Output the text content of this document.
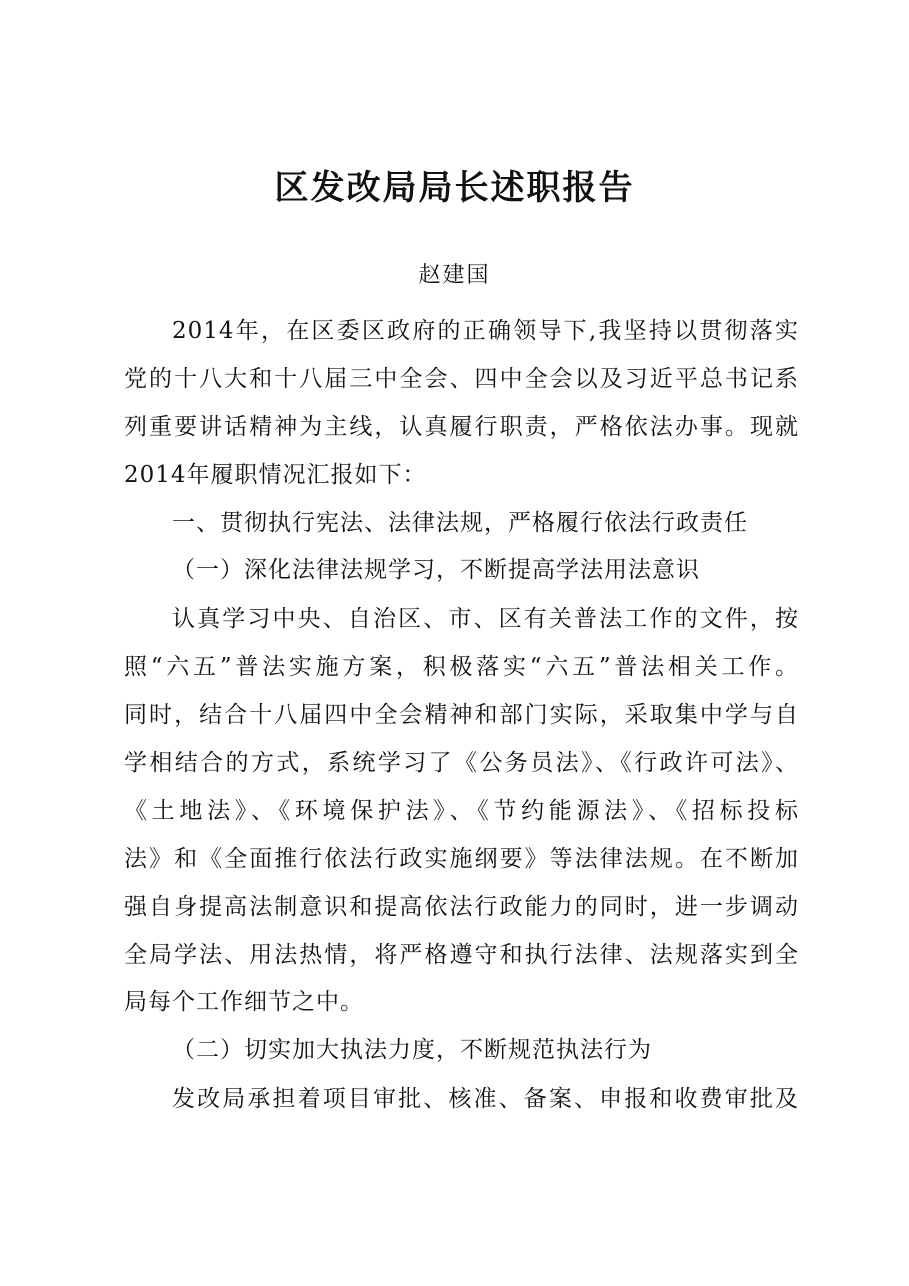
区发改局局长述职报告
赵建国
2014年，在区委区政府的正确领导下,我坚持以贯彻落实
党的十八大和十八届三中全会、四中全会以及习近平总书记系
列重要讲话精神为主线，认真履行职责，严格依法办事。现就
2014年履职情况汇报如下：
一、贯彻执行宪法、法律法规，严格履行依法行政责任
（一）深化法律法规学习，不断提高学法用法意识
认真学习中央、自治区、市、区有关普法工作的文件，按
照“六五”普法实施方案，积极落实“六五”普法相关工作。
同时，结合十八届四中全会精神和部门实际，采取集中学与自
学相结合的方式，系统学习了《公务员法》、《行政许可法》、
《土地法》、《环境保护法》、《节约能源法》、《招标投标
法》和《全面推行依法行政实施纲要》等法律法规。在不断加
强自身提高法制意识和提高依法行政能力的同时，进一步调动
全局学法、用法热情，将严格遵守和执行法律、法规落实到全
局每个工作细节之中。
（二）切实加大执法力度，不断规范执法行为
发改局承担着项目审批、核准、备案、申报和收费审批及
